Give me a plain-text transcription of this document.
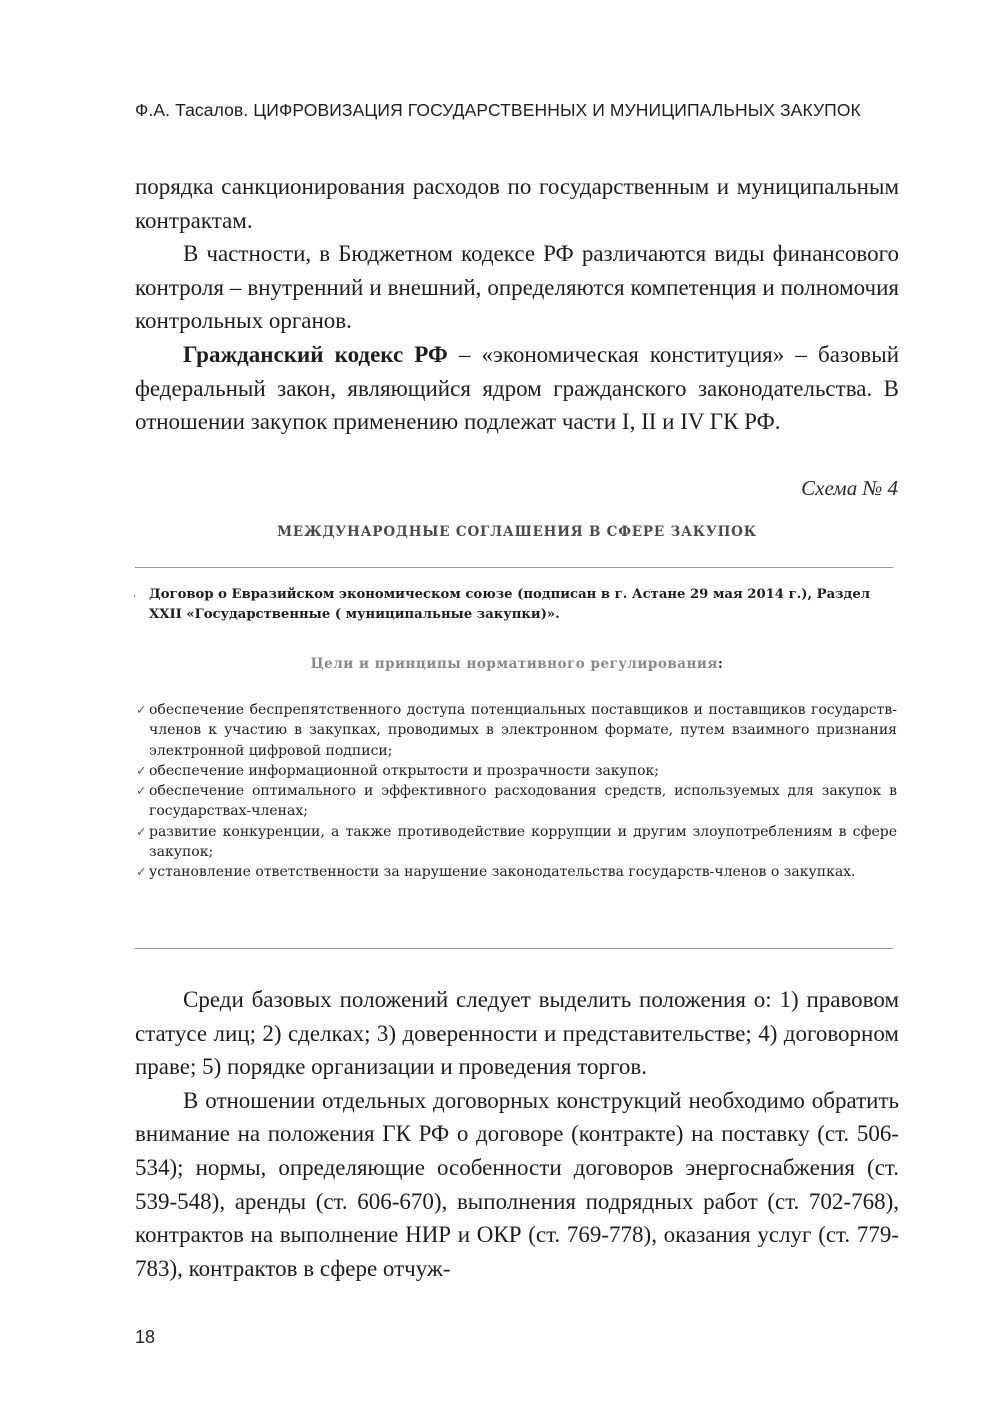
Ф.А. Тасалов. ЦИФРОВИЗАЦИЯ ГОСУДАРСТВЕННЫХ И МУНИЦИПАЛЬНЫХ ЗАКУПОК

порядка санкционирования расходов по государственным и муниципальным контрактам.

В частности, в Бюджетном кодексе РФ различаются виды финансового контроля – внутренний и внешний, определяются компетенция и полномочия контрольных органов.

Гражданский кодекс РФ – «экономическая конституция» – базовый федеральный закон, являющийся ядром гражданского законодательства. В отношении закупок применению подлежат части I, II и IV ГК РФ.

Схема № 4
МЕЖДУНАРОДНЫЕ СОГЛАШЕНИЯ В СФЕРЕ ЗАКУПОК
, Договор о Евразийском экономическом союзе (подписан в г. Астане 29 мая 2014 г.), Раздел XXII «Государственные ( муниципальные закупки)».
Цели и принципы нормативного регулирования:
✓ обеспечение беспрепятственного доступа потенциальных поставщиков и поставщиков государств-членов к участию в закупках, проводимых в электронном формате, путем взаимного признания электронной цифровой подписи;
✓ обеспечение информационной открытости и прозрачности закупок;
✓ обеспечение оптимального и эффективного расходования средств, используемых для закупок в государствах-членах;
✓ развитие конкуренции, а также противодействие коррупции и другим злоупотреблениям в сфере закупок;
✓ установление ответственности за нарушение законодательства государств-членов о закупках.

Среди базовых положений следует выделить положения о: 1) правовом статусе лиц; 2) сделках; 3) доверенности и представительстве; 4) договорном праве; 5) порядке организации и проведения торгов.

В отношении отдельных договорных конструкций необходимо обратить внимание на положения ГК РФ о договоре (контракте) на поставку (ст. 506-534); нормы, определяющие особенности договоров энергоснабжения (ст. 539-548), аренды (ст. 606-670), выполнения подрядных работ (ст. 702-768), контрактов на выполнение НИР и ОКР (ст. 769-778), оказания услуг (ст. 779-783), контрактов в сфере отчуж-

18
